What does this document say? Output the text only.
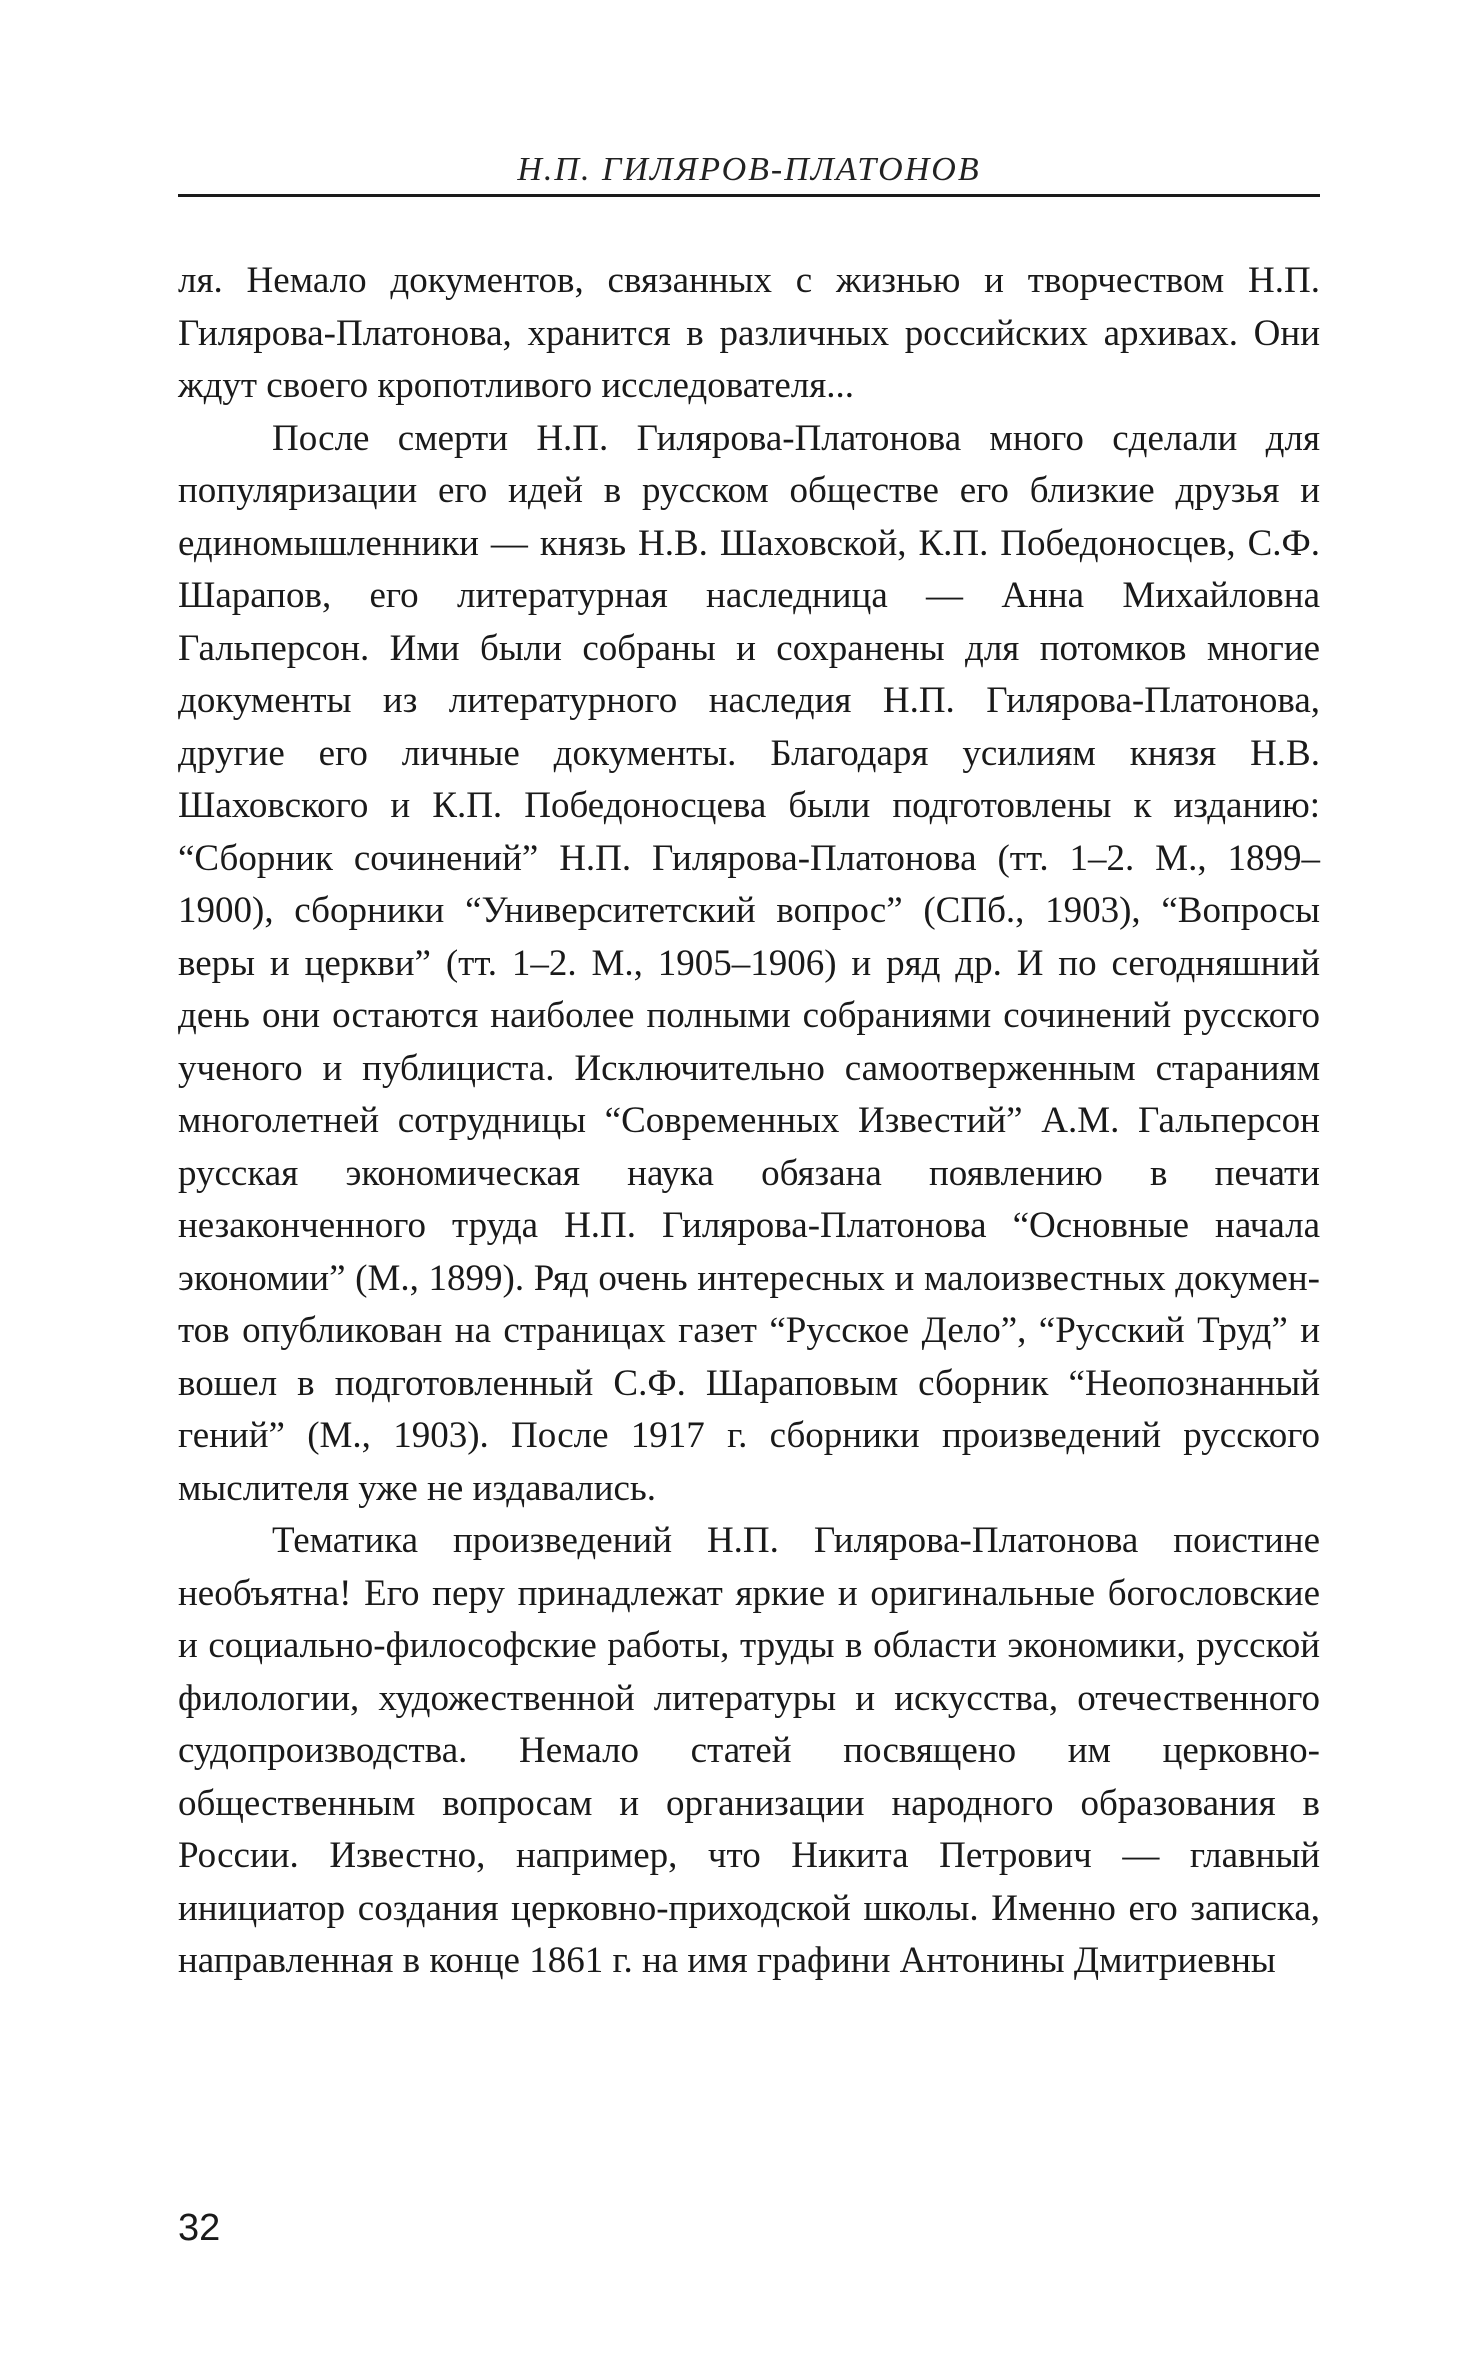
Н.П. ГИЛЯРОВ-ПЛАТОНОВ

ля. Немало документов, связанных с жизнью и творчеством Н.П. Гилярова-Платонова, хранится в различных российских архивах. Они ждут своего кропотливого исследователя...

После смерти Н.П. Гилярова-Платонова много сделали для популяризации его идей в русском обществе его близкие друзья и единомышленники — князь Н.В. Шаховской, К.П. Победоносцев, С.Ф. Шарапов, его литературная наследница — Анна Михайловна Гальперсон. Ими были собраны и сохранены для потомков многие документы из литературного наследия Н.П. Гилярова-Платонова, другие его личные документы. Благодаря усилиям князя Н.В. Шаховского и К.П. Победоносцева были подготовлены к изданию: “Сборник сочинений” Н.П. Гилярова-Платонова (тт. 1–2. М., 1899–1900), сборники “Университетский вопрос” (СПб., 1903), “Вопросы веры и церкви” (тт. 1–2. М., 1905–1906) и ряд др. И по сегодняшний день они остаются наиболее полными собраниями сочинений русского ученого и публициста. Исключительно самоотверженным стараниям многолетней сотрудницы “Современных Известий” А.М. Гальперсон русская экономическая наука обязана появлению в печати незаконченного труда Н.П. Гилярова-Платонова “Основные начала экономии” (М., 1899). Ряд очень интересных и малоизвестных документов опубликован на страницах газет “Русское Дело”, “Русский Труд” и вошел в подготовленный С.Ф. Шараповым сборник “Неопознанный гений” (М., 1903). После 1917 г. сборники произведений русского мыслителя уже не издавались.

Тематика произведений Н.П. Гилярова-Платонова поистине необъятна! Его перу принадлежат яркие и оригинальные богословские и социально-философские работы, труды в области экономики, русской филологии, художественной литературы и искусства, отечественного судопроизводства. Немало статей посвящено им церковно-общественным вопросам и организации народного образования в России. Известно, например, что Никита Петрович — главный инициатор создания церковно-приходской школы. Именно его записка, направленная в конце 1861 г. на имя графини Антонины Дмитриевны

32
